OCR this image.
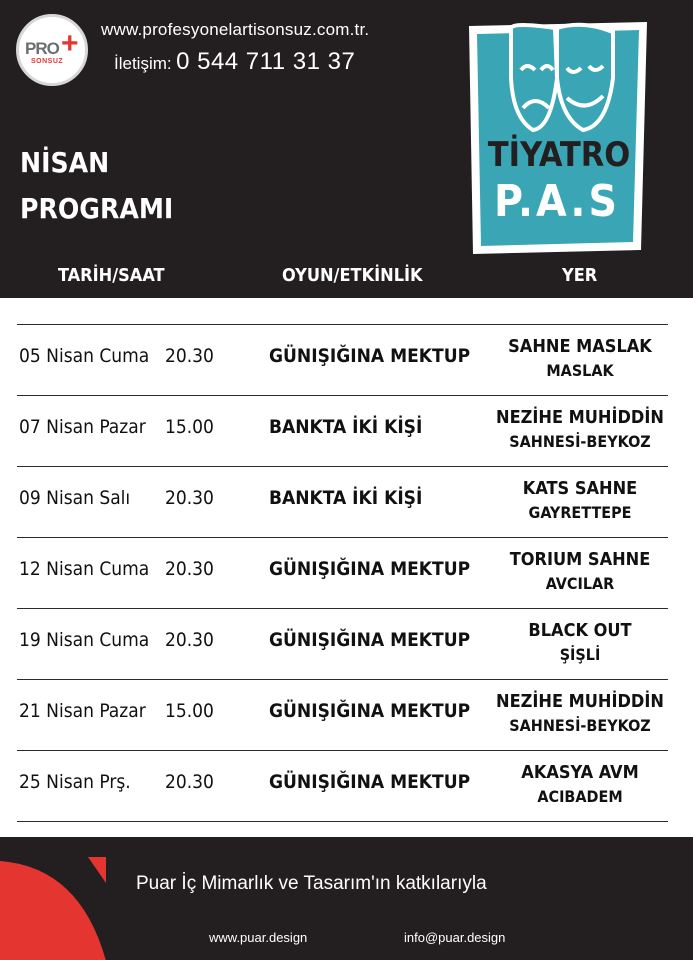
PRO +
SONSUZ
www.profesyonelartisonsuz.com.tr.
İletişim: 0 544 711 31 37
NİSAN
PROGRAMI
TİYATRO
P.A.S
TARİH/SAAT	OYUN/ETKİNLİK	YER
05 Nisan Cuma 20.30	GÜNIŞIĞINA MEKTUP	SAHNE MASLAK
MASLAK
07 Nisan Pazar 15.00	BANKTA İKİ KİŞİ	NEZİHE MUHİDDİN
SAHNESİ-BEYKOZ
09 Nisan Salı 20.30	BANKTA İKİ KİŞİ	KATS SAHNE
GAYRETTEPE
12 Nisan Cuma 20.30	GÜNIŞIĞINA MEKTUP	TORIUM SAHNE
AVCILAR
19 Nisan Cuma 20.30	GÜNIŞIĞINA MEKTUP	BLACK OUT
ŞİŞLİ
21 Nisan Pazar 15.00	GÜNIŞIĞINA MEKTUP	NEZİHE MUHİDDİN
SAHNESİ-BEYKOZ
25 Nisan Prş. 20.30	GÜNIŞIĞINA MEKTUP	AKASYA AVM
ACIBADEM
Puar İç Mimarlık ve Tasarım'ın katkılarıyla
www.puar.design	info@puar.design
